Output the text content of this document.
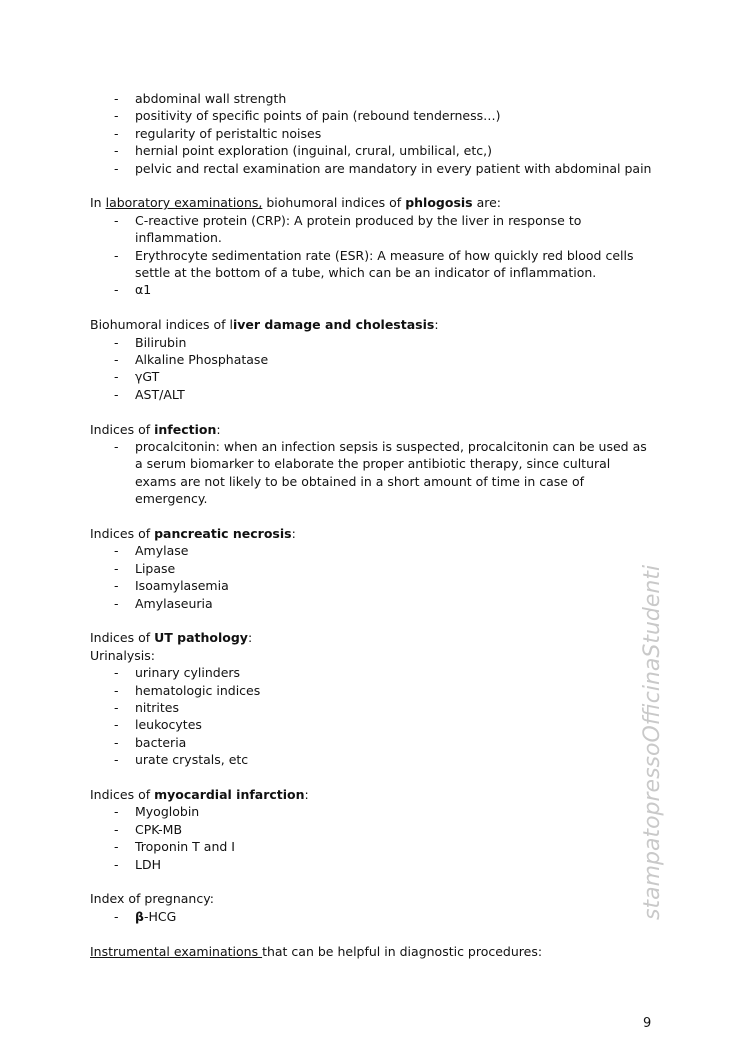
- abdominal wall strength
- positivity of specific points of pain (rebound tenderness…)
- regularity of peristaltic noises
- hernial point exploration (inguinal, crural, umbilical, etc,)
- pelvic and rectal examination are mandatory in every patient with abdominal pain
In laboratory examinations, biohumoral indices of phlogosis are:
- C-reactive protein (CRP): A protein produced by the liver in response to
inflammation.
- Erythrocyte sedimentation rate (ESR): A measure of how quickly red blood cells
settle at the bottom of a tube, which can be an indicator of inflammation.
- α1
Biohumoral indices of liver damage and cholestasis:
- Bilirubin
- Alkaline Phosphatase
- γGT
- AST/ALT
Indices of infection:
- procalcitonin: when an infection sepsis is suspected, procalcitonin can be used as
a serum biomarker to elaborate the proper antibiotic therapy, since cultural
exams are not likely to be obtained in a short amount of time in case of
emergency.
Indices of pancreatic necrosis:
- Amylase
- Lipase
- Isoamylasemia
- Amylaseuria
Indices of UT pathology:
Urinalysis:
- urinary cylinders
- hematologic indices
- nitrites
- leukocytes
- bacteria
- urate crystals, etc
Indices of myocardial infarction:
- Myoglobin
- CPK-MB
- Troponin T and I
- LDH
Index of pregnancy:
- β-HCG
Instrumental examinations that can be helpful in diagnostic procedures:
stampatopressoOfficinaStudenti
9
